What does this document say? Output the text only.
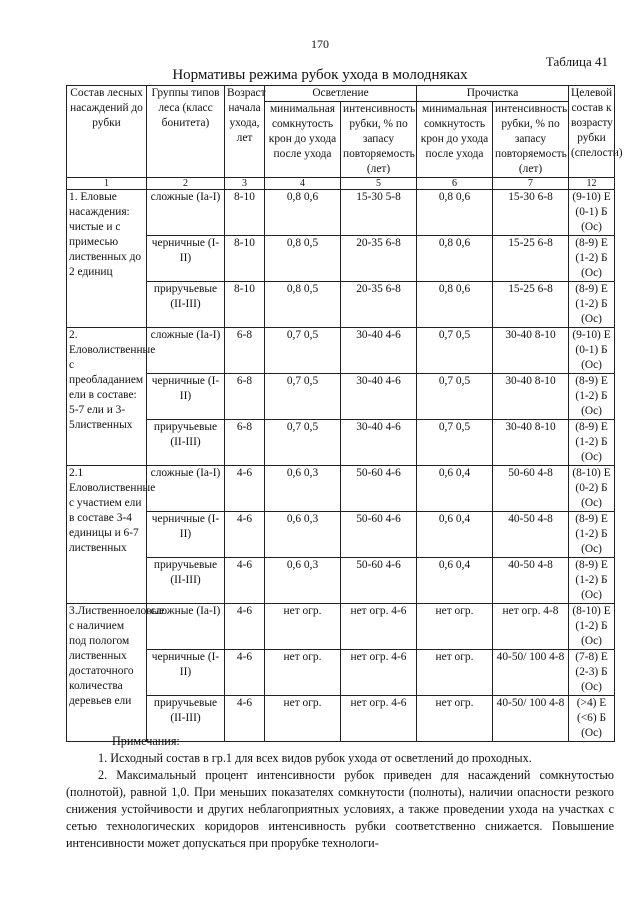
170
Таблица 41
Нормативы режима рубок ухода в молодняках
Состав лесных насаждений до рубки	Группы типов леса (класс бонитета)	Возраст начала ухода, лет	Осветление		Прочистка		Целевой состав к возрасту рубки (спелости)
			минимальная сомкнутость крон до ухода после ухода	интенсивность рубки, % по запасу повторяемость (лет)	минимальная сомкнутость крон до ухода после ухода	интенсивность рубки, % по запасу повторяемость (лет)	
1	2	3	4	5	6	7	12
1. Еловые насаждения: чистые и с примесью лиственных до 2 единиц	сложные (Ia-I)	8-10	0,8 0,6	15-30 5-8	0,8 0,6	15-30 6-8	(9-10) Е (0-1) Б (Ос)
	черничные (I-II)	8-10	0,8 0,5	20-35 6-8	0,8 0,6	15-25 6-8	(8-9) Е (1-2) Б (Ос)
	приручьевые (II-III)	8-10	0,8 0,5	20-35 6-8	0,8 0,6	15-25 6-8	(8-9) Е (1-2) Б (Ос)
2. Еловолиственные с преобладанием ели в составе: 5-7 ели и 3-5лиственных	сложные (Ia-I)	6-8	0,7 0,5	30-40 4-6	0,7 0,5	30-40 8-10	(9-10) Е (0-1) Б (Ос)
	черничные (I-II)	6-8	0,7 0,5	30-40 4-6	0,7 0,5	30-40 8-10	(8-9) Е (1-2) Б (Ос)
	приручьевые (II-III)	6-8	0,7 0,5	30-40 4-6	0,7 0,5	30-40 8-10	(8-9) Е (1-2) Б (Ос)
2.1 Еловолиственные с участием ели в составе 3-4 единицы и 6-7 лиственных	сложные (Ia-I)	4-6	0,6 0,3	50-60 4-6	0,6 0,4	50-60 4-8	(8-10) Е (0-2) Б (Ос)
	черничные (I-II)	4-6	0,6 0,3	50-60 4-6	0,6 0,4	40-50 4-8	(8-9) Е (1-2) Б (Ос)
	приручьевые (II-III)	4-6	0,6 0,3	50-60 4-6	0,6 0,4	40-50 4-8	(8-9) Е (1-2) Б (Ос)
3.Лиственноеловые с наличием под пологом лиственных достаточного количества деревьев ели	сложные (Ia-I)	4-6	нет огр.	нет огр. 4-6	нет огр.	нет огр. 4-8	(8-10) Е (1-2) Б (Ос)
	черничные (I-II)	4-6	нет огр.	нет огр. 4-6	нет огр.	40-50/ 100 4-8	(7-8) Е (2-3) Б (Ос)
	приручьевые (II-III)	4-6	нет огр.	нет огр. 4-6	нет огр.	40-50/ 100 4-8	(>4) Е (<6) Б (Ос)
Примечания:
1. Исходный состав в гр.1 для всех видов рубок ухода от осветлений до проходных.
2. Максимальный процент интенсивности рубок приведен для насаждений сомкнутостью (полнотой), равной 1,0. При меньших показателях сомкнутости (полноты), наличии опасности резкого снижения устойчивости и других неблагоприятных условиях, а также проведении ухода на участках с сетью технологических коридоров интенсивность рубки соответственно снижается. Повышение интенсивности может допускаться при прорубке технологи-
